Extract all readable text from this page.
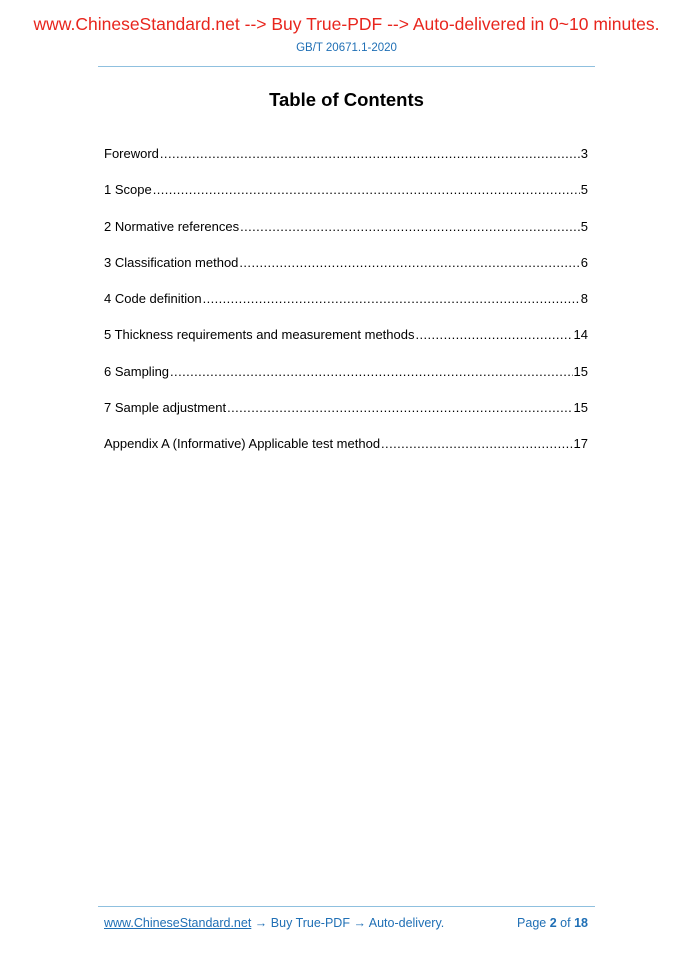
www.ChineseStandard.net --> Buy True-PDF --> Auto-delivered in 0~10 minutes.
GB/T 20671.1-2020
Table of Contents
Foreword .....	3
1 Scope .....	5
2 Normative references .....	5
3 Classification method .....	6
4 Code definition .....	8
5 Thickness requirements and measurement methods .....	14
6 Sampling .....	15
7 Sample adjustment .....	15
Appendix A (Informative) Applicable test method .....	17
www.ChineseStandard.net → Buy True-PDF → Auto-delivery.	Page 2 of 18
